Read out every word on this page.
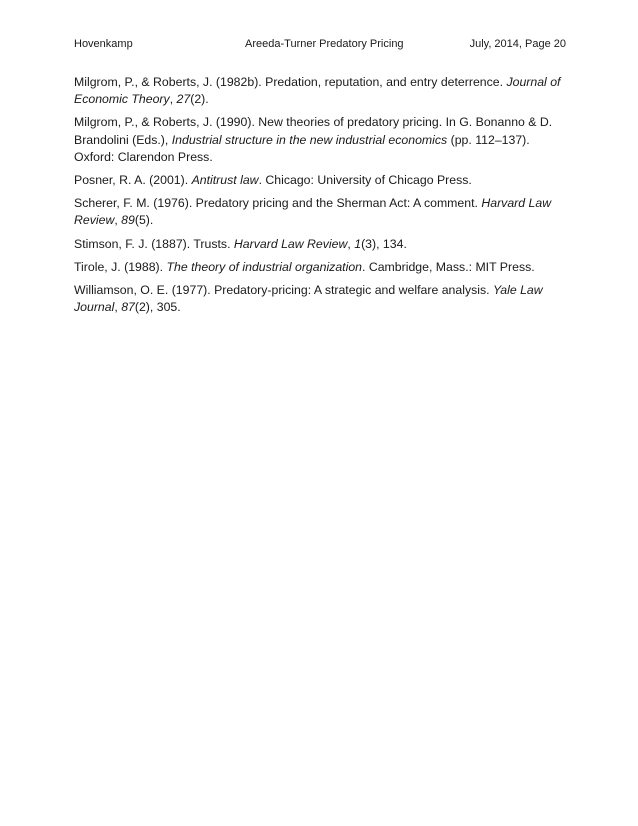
Hovenkamp	Areeda-Turner Predatory Pricing	July, 2014, Page 20

Milgrom, P., & Roberts, J. (1982b). Predation, reputation, and entry deterrence. Journal of Economic Theory, 27(2).

Milgrom, P., & Roberts, J. (1990). New theories of predatory pricing. In G. Bonanno & D. Brandolini (Eds.), Industrial structure in the new industrial economics (pp. 112–137). Oxford: Clarendon Press.

Posner, R. A. (2001). Antitrust law. Chicago: University of Chicago Press.

Scherer, F. M. (1976). Predatory pricing and the Sherman Act: A comment. Harvard Law Review, 89(5).

Stimson, F. J. (1887). Trusts. Harvard Law Review, 1(3), 134.

Tirole, J. (1988). The theory of industrial organization. Cambridge, Mass.: MIT Press.

Williamson, O. E. (1977). Predatory-pricing: A strategic and welfare analysis. Yale Law Journal, 87(2), 305.
